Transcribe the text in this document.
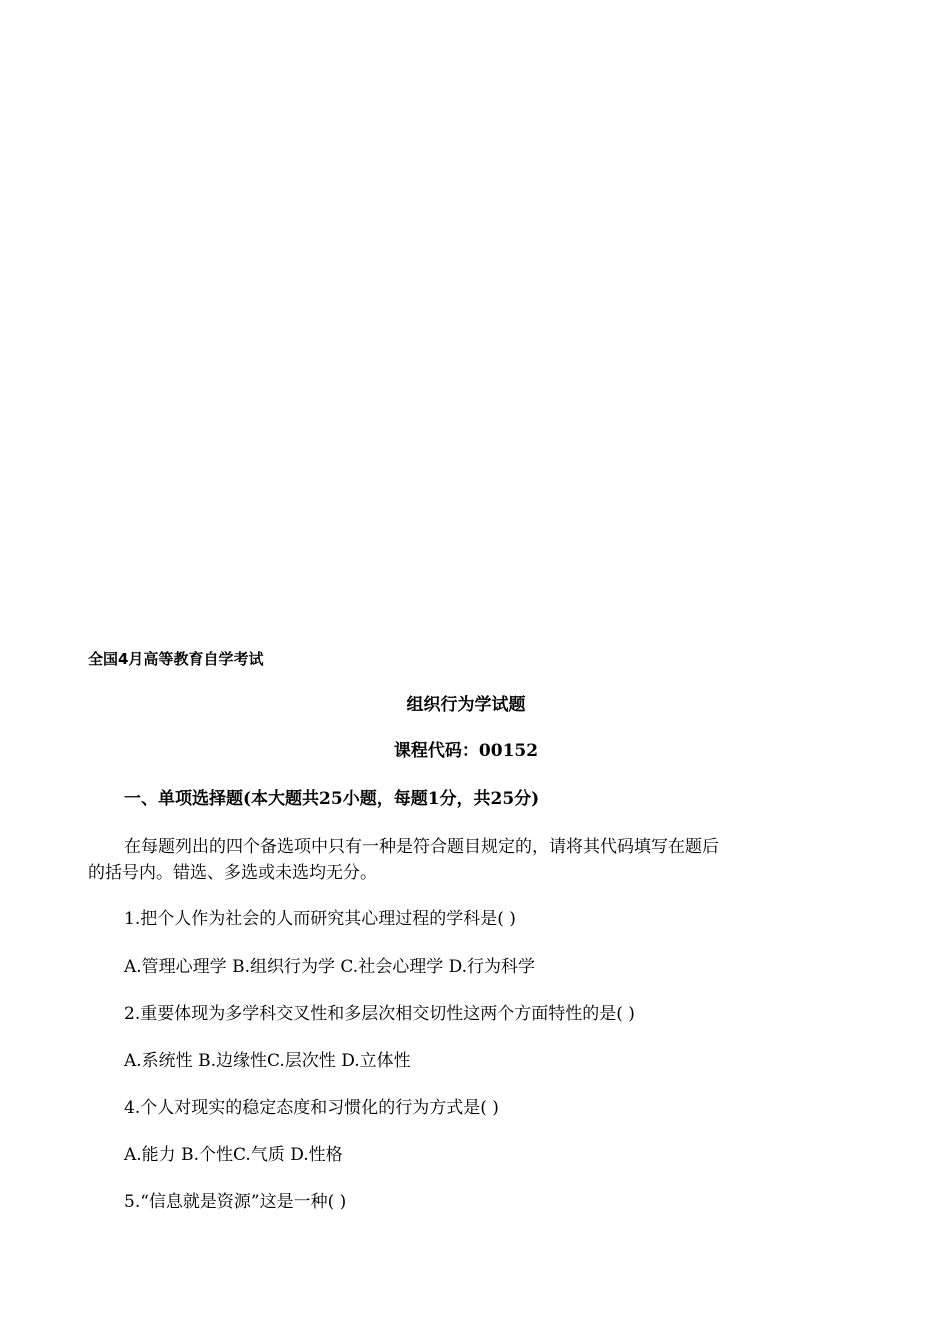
全国4月高等教育自学考试
组织行为学试题
课程代码：00152
一、单项选择题(本大题共25小题，每题1分，共25分)
在每题列出的四个备选项中只有一种是符合题目规定的，请将其代码填写在题后
的括号内。错选、多选或未选均无分。
1.把个人作为社会的人而研究其心理过程的学科是( )
A.管理心理学 B.组织行为学 C.社会心理学 D.行为科学
2.重要体现为多学科交叉性和多层次相交切性这两个方面特性的是( )
A.系统性 B.边缘性C.层次性 D.立体性
4.个人对现实的稳定态度和习惯化的行为方式是( )
A.能力 B.个性C.气质 D.性格
5.“信息就是资源”这是一种( )
